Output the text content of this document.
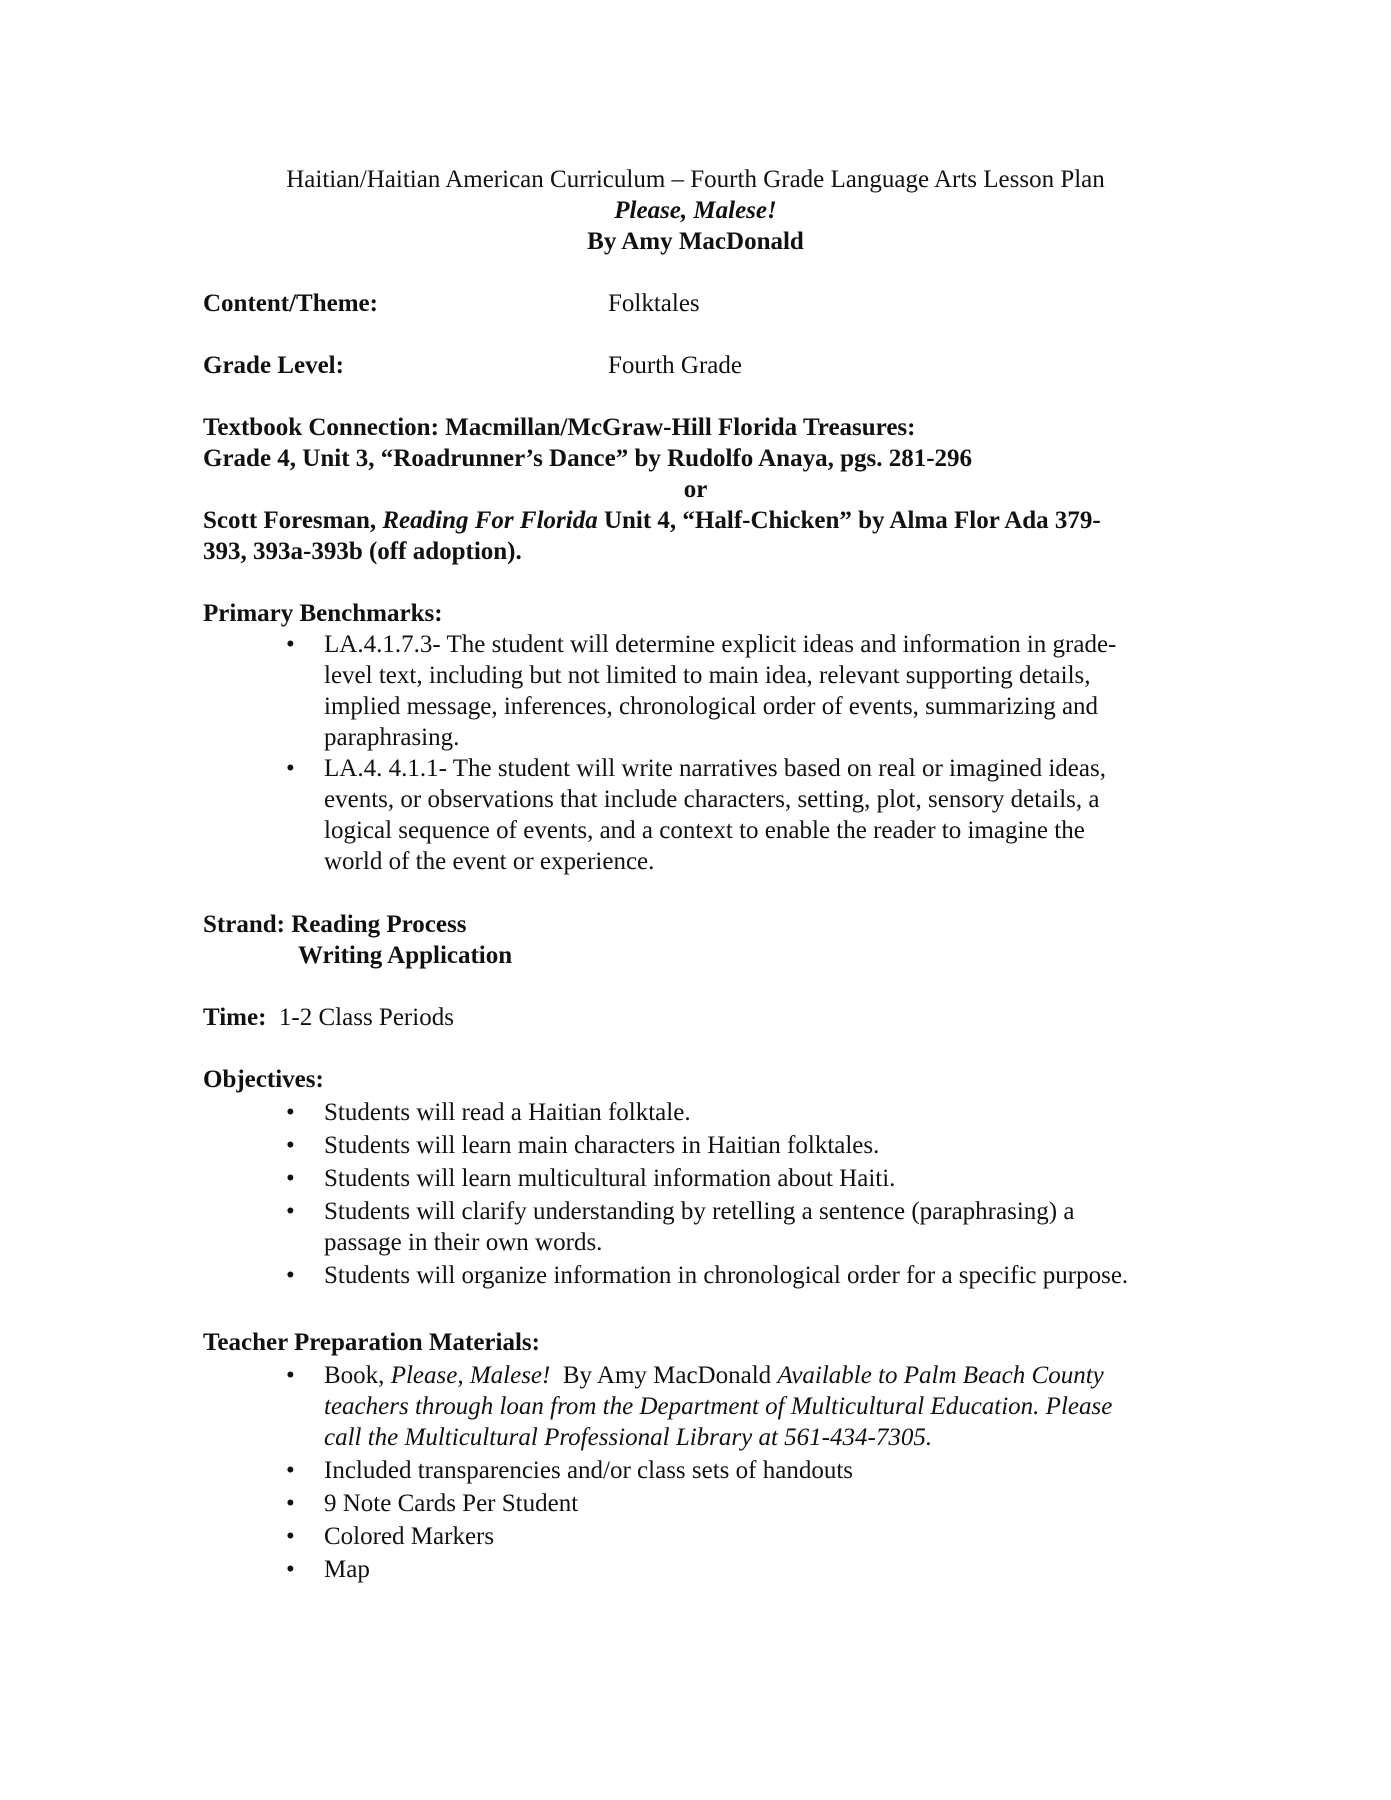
Haitian/Haitian American Curriculum – Fourth Grade Language Arts Lesson Plan
Please, Malese!
By Amy MacDonald
Content/Theme:	Folktales
Grade Level:	Fourth Grade
Textbook Connection: Macmillan/McGraw-Hill Florida Treasures:
Grade 4, Unit 3, “Roadrunner’s Dance” by Rudolfo Anaya, pgs. 281-296
or
Scott Foresman, Reading For Florida Unit 4, “Half-Chicken” by Alma Flor Ada 379-
393, 393a-393b (off adoption).
Primary Benchmarks:
• LA.4.1.7.3- The student will determine explicit ideas and information in grade-
level text, including but not limited to main idea, relevant supporting details,
implied message, inferences, chronological order of events, summarizing and
paraphrasing.
• LA.4. 4.1.1- The student will write narratives based on real or imagined ideas,
events, or observations that include characters, setting, plot, sensory details, a
logical sequence of events, and a context to enable the reader to imagine the
world of the event or experience.
Strand: Reading Process
Writing Application
Time: 1-2 Class Periods
Objectives:
• Students will read a Haitian folktale.
• Students will learn main characters in Haitian folktales.
• Students will learn multicultural information about Haiti.
• Students will clarify understanding by retelling a sentence (paraphrasing) a
passage in their own words.
• Students will organize information in chronological order for a specific purpose.
Teacher Preparation Materials:
• Book, Please, Malese!  By Amy MacDonald Available to Palm Beach County
teachers through loan from the Department of Multicultural Education. Please
call the Multicultural Professional Library at 561-434-7305.
• Included transparencies and/or class sets of handouts
• 9 Note Cards Per Student
• Colored Markers
• Map
